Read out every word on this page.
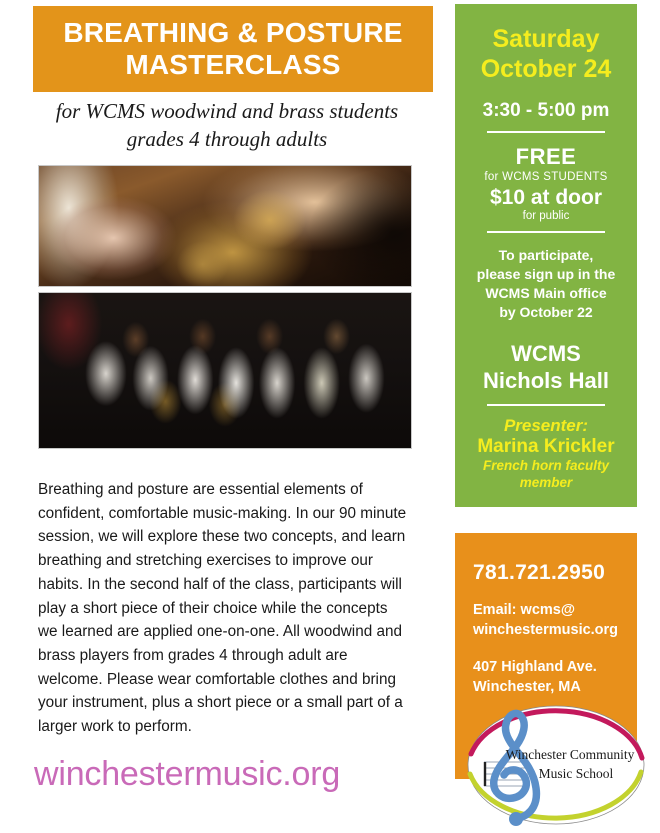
BREATHING & POSTURE MASTERCLASS
for WCMS woodwind and brass students
grades 4 through adults
Breathing and posture are essential elements of confident, comfortable music-making. In our 90 minute session, we will explore these two concepts, and learn breathing and stretching exercises to improve our habits. In the second half of the class, participants will play a short piece of their choice while the concepts we learned are applied one-on-one. All woodwind and brass players from grades 4 through adult are welcome. Please wear comfortable clothes and bring your instrument, plus a short piece or a small part of a larger work to perform.
winchestermusic.org
Saturday
October 24
3:30 - 5:00 pm
FREE
for WCMS STUDENTS
$10 at door
for public
To participate,
please sign up in the
WCMS Main office
by October 22
WCMS
Nichols Hall
Presenter:
Marina Krickler
French horn faculty
member
781.721.2950
Email: wcms@
winchestermusic.org
407 Highland Ave.
Winchester, MA
Winchester Community
Music School
